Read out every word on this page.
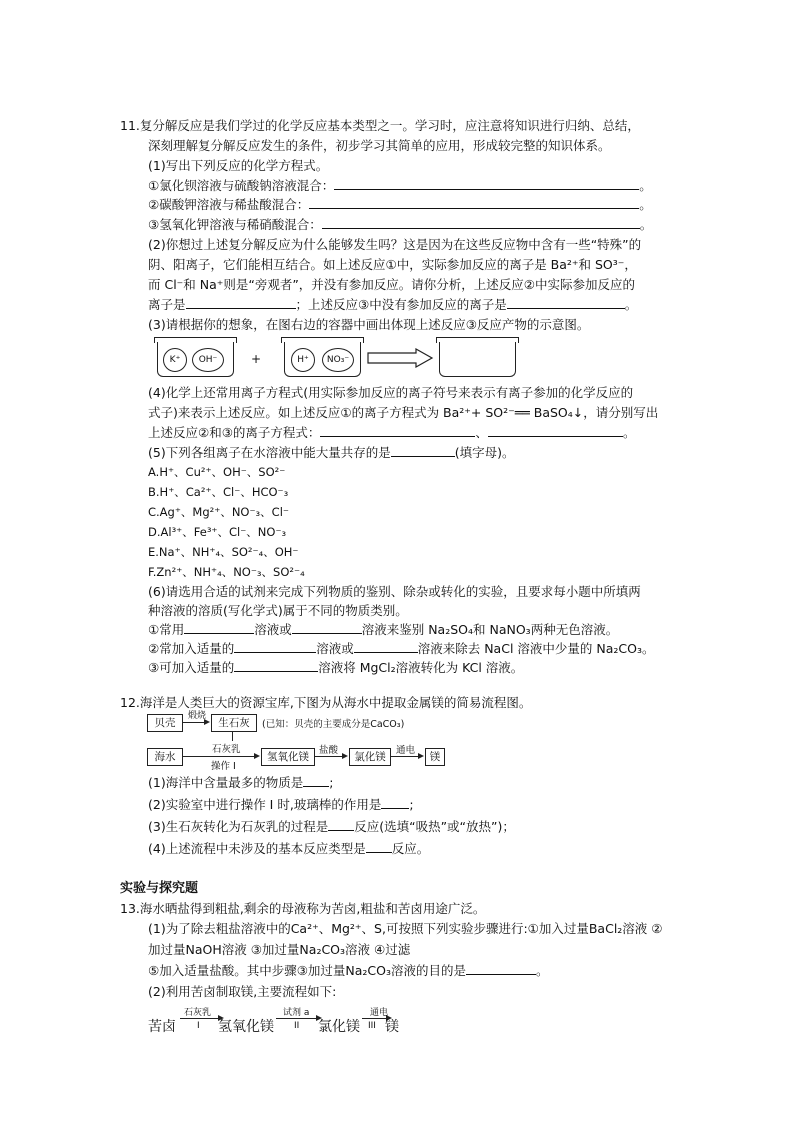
11.复分解反应是我们学过的化学反应基本类型之一。学习时，应注意将知识进行归纳、总结，
深刻理解复分解反应发生的条件，初步学习其简单的应用，形成较完整的知识体系。
(1)写出下列反应的化学方程式。
①氯化钡溶液与硫酸钠溶液混合：	。
②碳酸钾溶液与稀盐酸混合：	。
③氢氧化钾溶液与稀硝酸混合：	。
(2)你想过上述复分解反应为什么能够发生吗？这是因为在这些反应物中含有一些“特殊”的
阴、阳离子，它们能相互结合。如上述反应①中，实际参加反应的离子是 Ba²⁺和 SO³⁻，
而 Cl⁻和 Na⁺则是“旁观者”，并没有参加反应。请你分析，上述反应②中实际参加反应的
离子是	；上述反应③中没有参加反应的离子是	。
(3)请根据你的想象，在图右边的容器中画出体现上述反应③反应产物的示意图。
K⁺	OH⁻	+	H⁺	NO₃⁻
(4)化学上还常用离子方程式(用实际参加反应的离子符号来表示有离子参加的化学反应的
式子)来表示上述反应。如上述反应①的离子方程式为 Ba²⁺+ SO²⁻══ BaSO₄↓，请分别写出
上述反应②和③的离子方程式：	、	。
(5)下列各组离子在水溶液中能大量共存的是	(填字母)。
A.H⁺、Cu²⁺、OH⁻、SO²⁻
B.H⁺、Ca²⁺、Cl⁻、HCO⁻₃
C.Ag⁺、Mg²⁺、NO⁻₃、Cl⁻
D.Al³⁺、Fe³⁺、Cl⁻、NO⁻₃
E.Na⁺、NH⁺₄、SO²⁻₄、OH⁻
F.Zn²⁺、NH⁺₄、NO⁻₃、SO²⁻₄
(6)请选用合适的试剂来完成下列物质的鉴别、除杂或转化的实验，且要求每小题中所填两
种溶液的溶质(写化学式)属于不同的物质类别。
①常用	溶液或	溶液来鉴别 Na₂SO₄和 NaNO₃两种无色溶液。
②常加入适量的	溶液或	溶液来除去 NaCl 溶液中少量的 Na₂CO₃。
③可加入适量的	溶液将 MgCl₂溶液转化为 KCl 溶液。
12.海洋是人类巨大的资源宝库,下图为从海水中提取金属镁的简易流程图。
贝壳
煅烧
生石灰	(已知：贝壳的主要成分是CaCO₃)
海水
石灰乳
操作 I
氢氧化镁
盐酸
氯化镁
通电
镁
(1)海洋中含量最多的物质是 ;
(2)实验室中进行操作 I 时,玻璃棒的作用是 ;
(3)生石灰转化为石灰乳的过程是 反应(选填“吸热”或“放热”)；
(4)上述流程中未涉及的基本反应类型是 反应。
实验与探究题
13.海水晒盐得到粗盐,剩余的母液称为苦卤,粗盐和苦卤用途广泛。
(1)为了除去粗盐溶液中的Ca²⁺、Mg²⁺、S,可按照下列实验步骤进行:①加入过量BaCl₂溶液 ②
加过量NaOH溶液 ③加过量Na₂CO₃溶液 ④过滤
⑤加入适量盐酸。其中步骤③加过量Na₂CO₃溶液的目的是	。
(2)利用苦卤制取镁,主要流程如下:
苦卤
石灰乳
I 氢氧化镁
试剂 a
II 氯化镁
通电
III 镁
